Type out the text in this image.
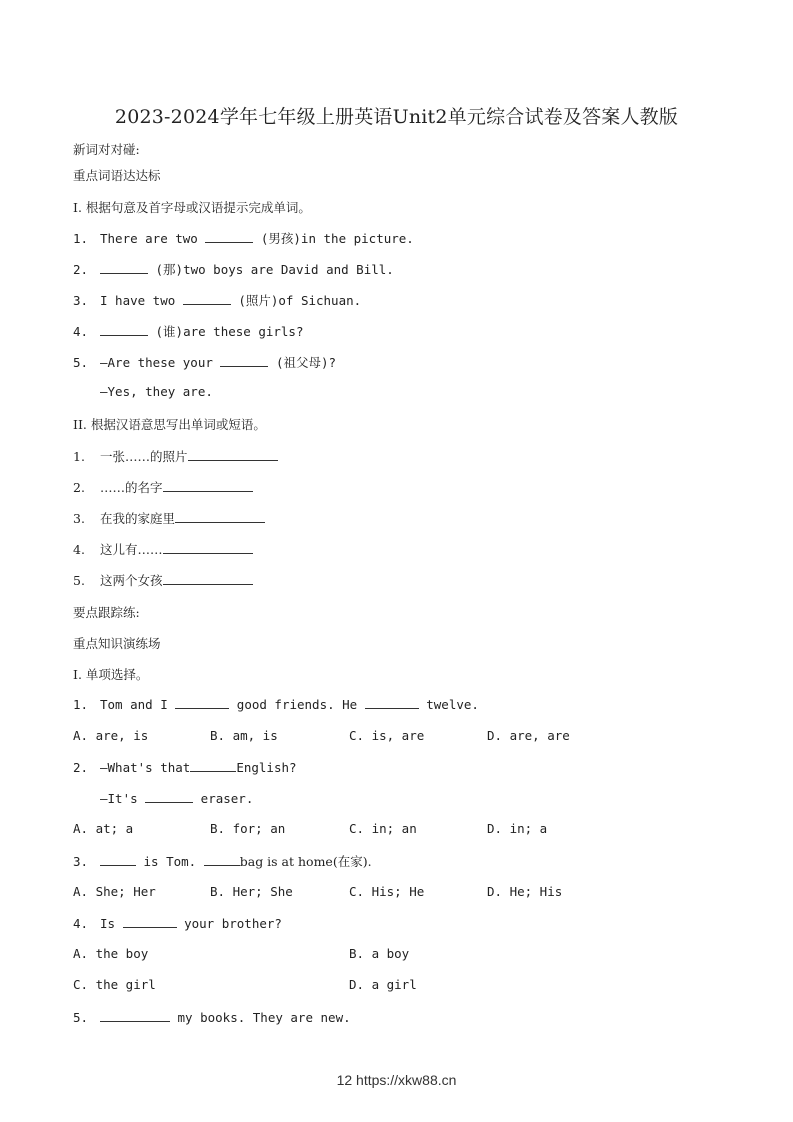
2023-2024学年七年级上册英语Unit2单元综合试卷及答案人教版
新词对对碰:
重点词语达达标
I. 根据句意及首字母或汉语提示完成单词。
1. There are two	(男孩)in the picture.
2.	(那)two boys are David and Bill.
3. I have two	(照片)of Sichuan.
4.	(谁)are these girls?
5. —Are these your	(祖父母)?
—Yes, they are.
II. 根据汉语意思写出单词或短语。
1. 一张……的照片
2. ……的名字
3. 在我的家庭里
4. 这儿有……
5. 这两个女孩
要点跟踪练:
重点知识演练场
I. 单项选择。
1. Tom and I	good friends. He	twelve.
A. are, is	B. am, is	C. is, are	D. are, are
2. —What's that	English?
—It's	eraser.
A. at; a	B. for; an	C. in; an	D. in; a
3.	is Tom.	bag is at home(在家).
A. She; Her	B. Her; She	C. His; He	D. He; His
4. Is	your brother?
A. the boy	B. a boy
C. the girl	D. a girl
5.	my books. They are new.
12 https://xkw88.cn
